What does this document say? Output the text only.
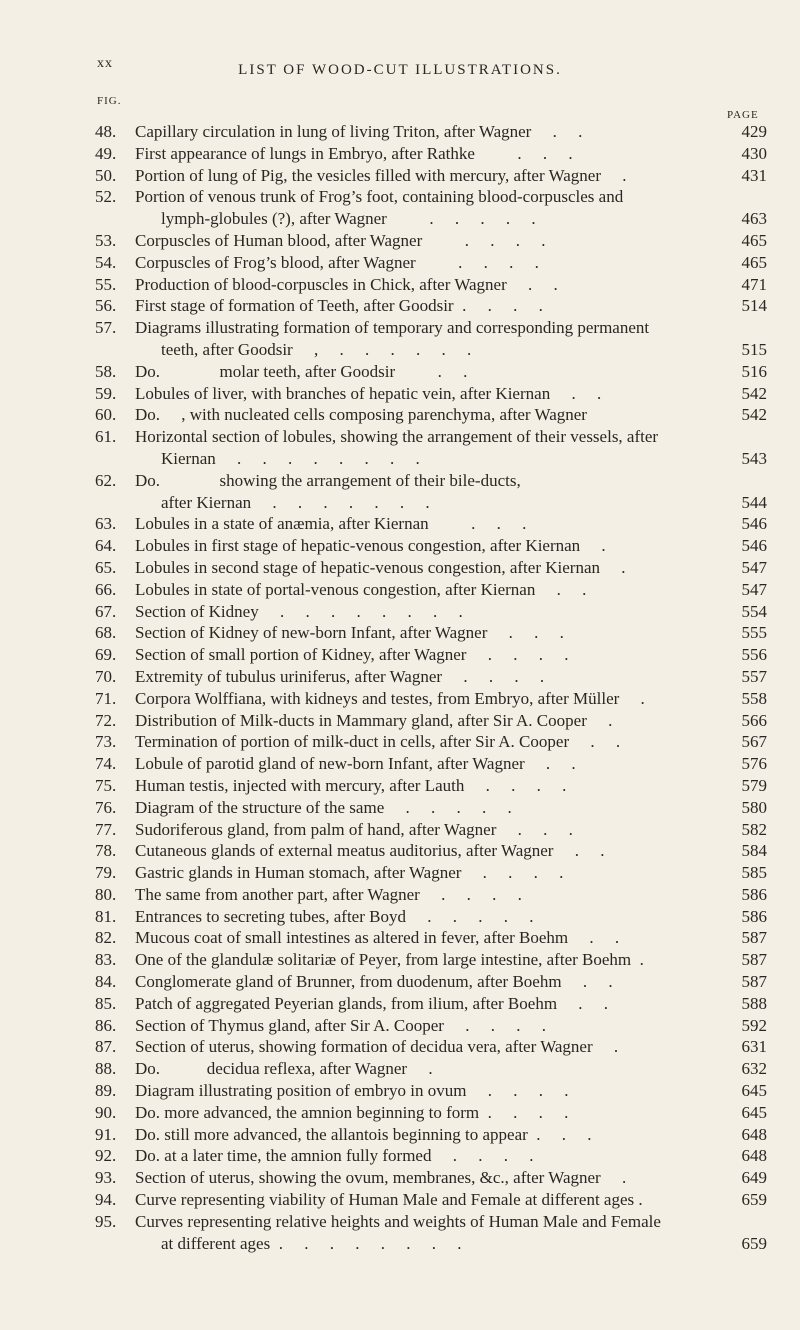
xx	LIST OF WOOD-CUT ILLUSTRATIONS.
FIG.
PAGE
48.	Capillary circulation in lung of living Triton, after Wagner     .     .	429
49.	First appearance of lungs in Embryo, after Rathke          .     .     .	430
50.	Portion of lung of Pig, the vesicles filled with mercury, after Wagner     .	431
52.	Portion of venous trunk of Frog’s foot, containing blood-corpuscles and
lymph-globules (?), after Wagner          .     .     .     .     .	463
53.	Corpuscles of Human blood, after Wagner          .     .     .     .	465
54.	Corpuscles of Frog’s blood, after Wagner          .     .     .     .	465
55.	Production of blood-corpuscles in Chick, after Wagner     .     .	471
56.	First stage of formation of Teeth, after Goodsir  .     .     .     .	514
57.	Diagrams illustrating formation of temporary and corresponding permanent
teeth, after Goodsir     ,     .     .     .     .     .     .	515
58.	Do.              molar teeth, after Goodsir          .     .	516
59.	Lobules of liver, with branches of hepatic vein, after Kiernan     .     .	542
60.	Do.     , with nucleated cells composing parenchyma, after Wagner	542
61.	Horizontal section of lobules, showing the arrangement of their vessels, after
Kiernan     .     .     .     .     .     .     .     .	543
62.	Do.              showing the arrangement of their bile-ducts,
after Kiernan     .     .     .     .     .     .     .	544
63.	Lobules in a state of anæmia, after Kiernan          .     .     .	546
64.	Lobules in first stage of hepatic-venous congestion, after Kiernan     .	546
65.	Lobules in second stage of hepatic-venous congestion, after Kiernan     .	547
66.	Lobules in state of portal-venous congestion, after Kiernan     .     .	547
67.	Section of Kidney     .     .     .     .     .     .     .     .	554
68.	Section of Kidney of new-born Infant, after Wagner     .     .     .	555
69.	Section of small portion of Kidney, after Wagner     .     .     .     .	556
70.	Extremity of tubulus uriniferus, after Wagner     .     .     .     .	557
71.	Corpora Wolffiana, with kidneys and testes, from Embryo, after Müller     .	558
72.	Distribution of Milk-ducts in Mammary gland, after Sir A. Cooper     .	566
73.	Termination of portion of milk-duct in cells, after Sir A. Cooper     .     .	567
74.	Lobule of parotid gland of new-born Infant, after Wagner     .     .	576
75.	Human testis, injected with mercury, after Lauth     .     .     .     .	579
76.	Diagram of the structure of the same     .     .     .     .     .	580
77.	Sudoriferous gland, from palm of hand, after Wagner     .     .     .	582
78.	Cutaneous glands of external meatus auditorius, after Wagner     .     .	584
79.	Gastric glands in Human stomach, after Wagner     .     .     .     .	585
80.	The same from another part, after Wagner     .     .     .     .	586
81.	Entrances to secreting tubes, after Boyd     .     .     .     .     .	586
82.	Mucous coat of small intestines as altered in fever, after Boehm     .     .	587
83.	One of the glandulæ solitariæ of Peyer, from large intestine, after Boehm  .	587
84.	Conglomerate gland of Brunner, from duodenum, after Boehm     .     .	587
85.	Patch of aggregated Peyerian glands, from ilium, after Boehm     .     .	588
86.	Section of Thymus gland, after Sir A. Cooper     .     .     .     .	592
87.	Section of uterus, showing formation of decidua vera, after Wagner     .	631
88.	Do.           decidua reflexa, after Wagner     .	632
89.	Diagram illustrating position of embryo in ovum     .     .     .     .	645
90.	Do. more advanced, the amnion beginning to form  .     .     .     .	645
91.	Do. still more advanced, the allantois beginning to appear  .     .     .	648
92.	Do. at a later time, the amnion fully formed     .     .     .     .	648
93.	Section of uterus, showing the ovum, membranes, &c., after Wagner     .	649
94.	Curve representing viability of Human Male and Female at different ages .	659
95.	Curves representing relative heights and weights of Human Male and Female
at different ages  .     .     .     .     .     .     .     .	659
